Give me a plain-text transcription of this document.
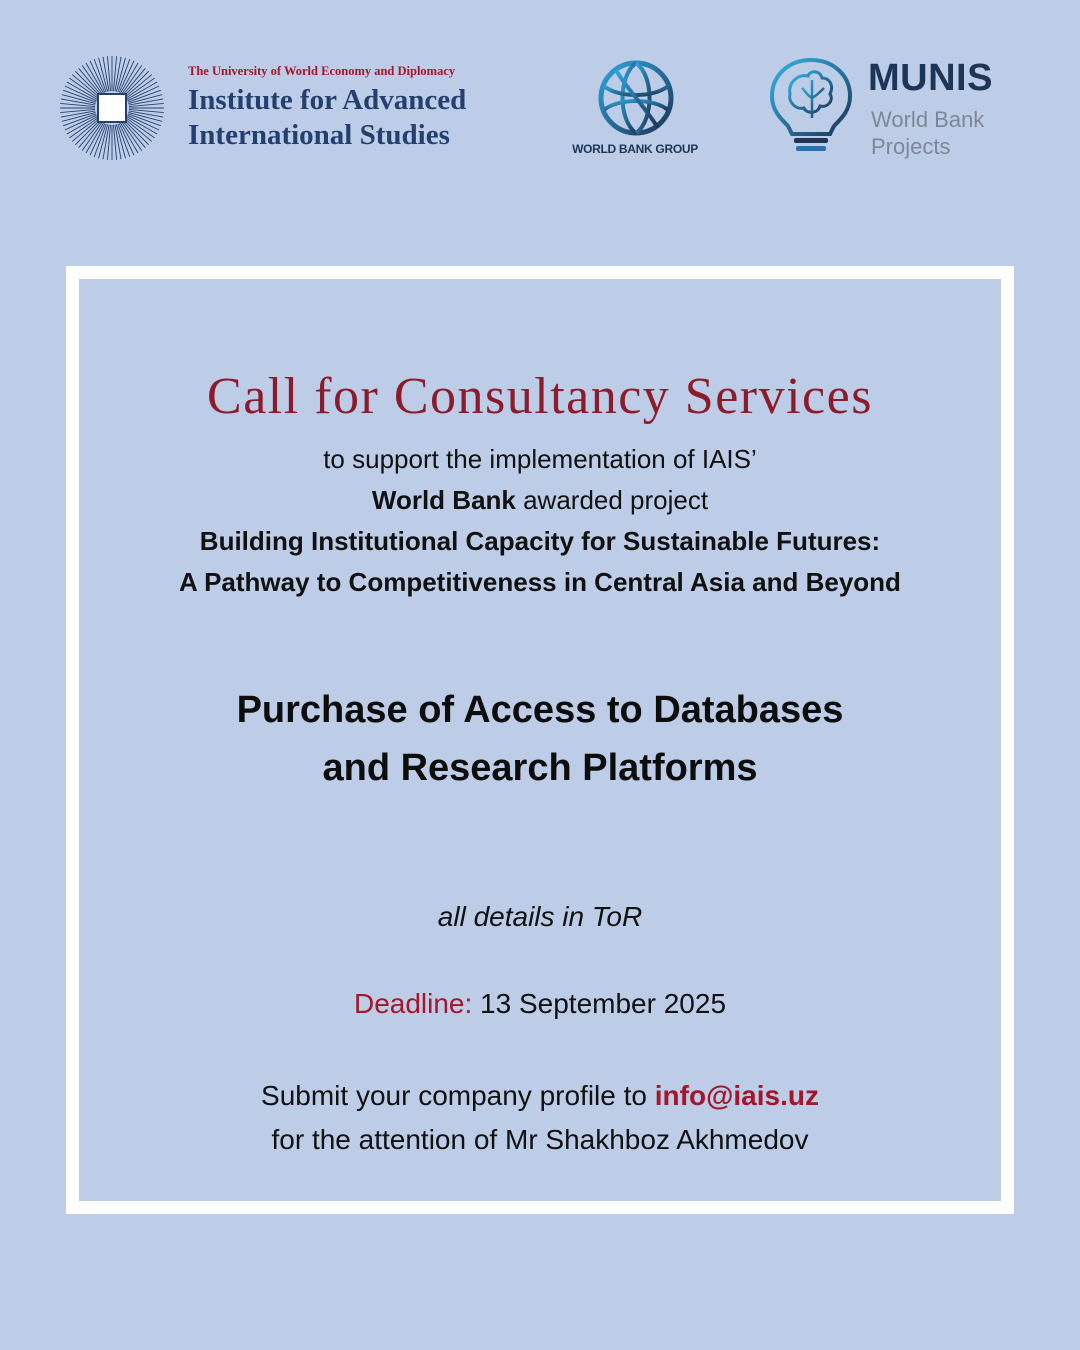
The University of World Economy and Diplomacy
Institute for Advanced
International Studies	WORLD BANK GROUP
MUNIS
World Bank
Projects
Call for Consultancy Services
to support the implementation of IAIS’
World Bank awarded project
Building Institutional Capacity for Sustainable Futures:
A Pathway to Competitiveness in Central Asia and Beyond
Purchase of Access to Databases
and Research Platforms
all details in ToR
Deadline: 13 September 2025
Submit your company profile to info@iais.uz
for the attention of Mr Shakhboz Akhmedov
